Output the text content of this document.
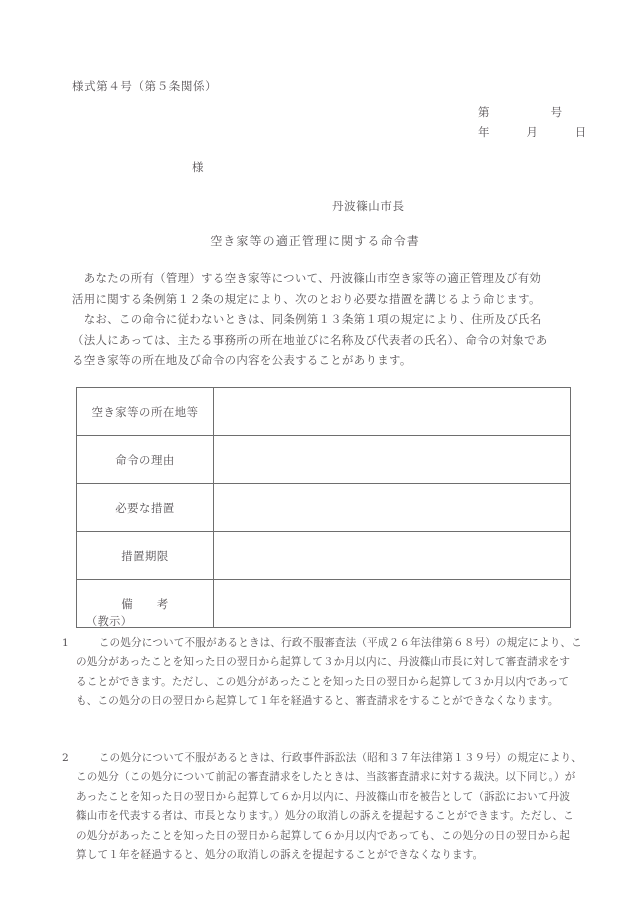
様式第４号（第５条関係）
第　　　　　号
年　　　月　　　日
様
丹波篠山市長
空き家等の適正管理に関する命令書
　あなたの所有（管理）する空き家等について、丹波篠山市空き家等の適正管理及び有効
活用に関する条例第１２条の規定により、次のとおり必要な措置を講じるよう命じます。
　なお、この命令に従わないときは、同条例第１３条第１項の規定により、住所及び氏名
（法人にあっては、主たる事務所の所在地並びに名称及び代表者の氏名）、命令の対象であ
る空き家等の所在地及び命令の内容を公表することがあります。
空き家等の所在地等	
命令の理由	
必要な措置	
措置期限	
備　　考	
（教示）
1　この処分について不服があるときは、行政不服審査法（平成２６年法律第６８号）の規定により、こ
の処分があったことを知った日の翌日から起算して３か月以内に、丹波篠山市長に対して審査請求をす
ることができます。ただし、この処分があったことを知った日の翌日から起算して３か月以内であって
も、この処分の日の翌日から起算して１年を経過すると、審査請求をすることができなくなります。
2　この処分について不服があるときは、行政事件訴訟法（昭和３７年法律第１３９号）の規定により、
この処分（この処分について前記の審査請求をしたときは、当該審査請求に対する裁決。以下同じ。）が
あったことを知った日の翌日から起算して６か月以内に、丹波篠山市を被告として（訴訟において丹波
篠山市を代表する者は、市長となります。）処分の取消しの訴えを提起することができます。ただし、こ
の処分があったことを知った日の翌日から起算して６か月以内であっても、この処分の日の翌日から起
算して１年を経過すると、処分の取消しの訴えを提起することができなくなります。
